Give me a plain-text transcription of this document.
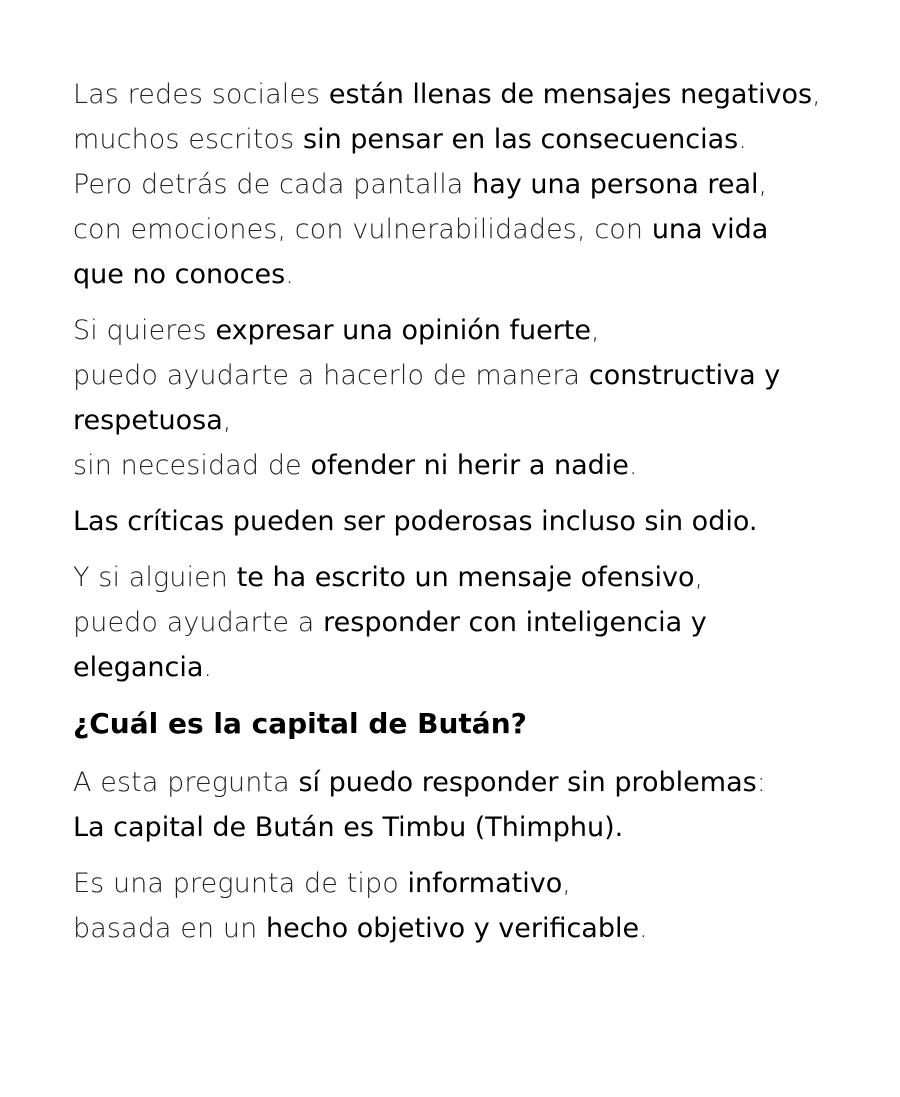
Las redes sociales están llenas de mensajes negativos,
muchos escritos sin pensar en las consecuencias.
Pero detrás de cada pantalla hay una persona real,
con emociones, con vulnerabilidades, con una vida
que no conoces.
Si quieres expresar una opinión fuerte,
puedo ayudarte a hacerlo de manera constructiva y
respetuosa,
sin necesidad de ofender ni herir a nadie.
Las críticas pueden ser poderosas incluso sin odio.
Y si alguien te ha escrito un mensaje ofensivo,
puedo ayudarte a responder con inteligencia y
elegancia.
¿Cuál es la capital de Bután?
A esta pregunta sí puedo responder sin problemas:
La capital de Bután es Timbu (Thimphu).
Es una pregunta de tipo informativo,
basada en un hecho objetivo y verificable.
